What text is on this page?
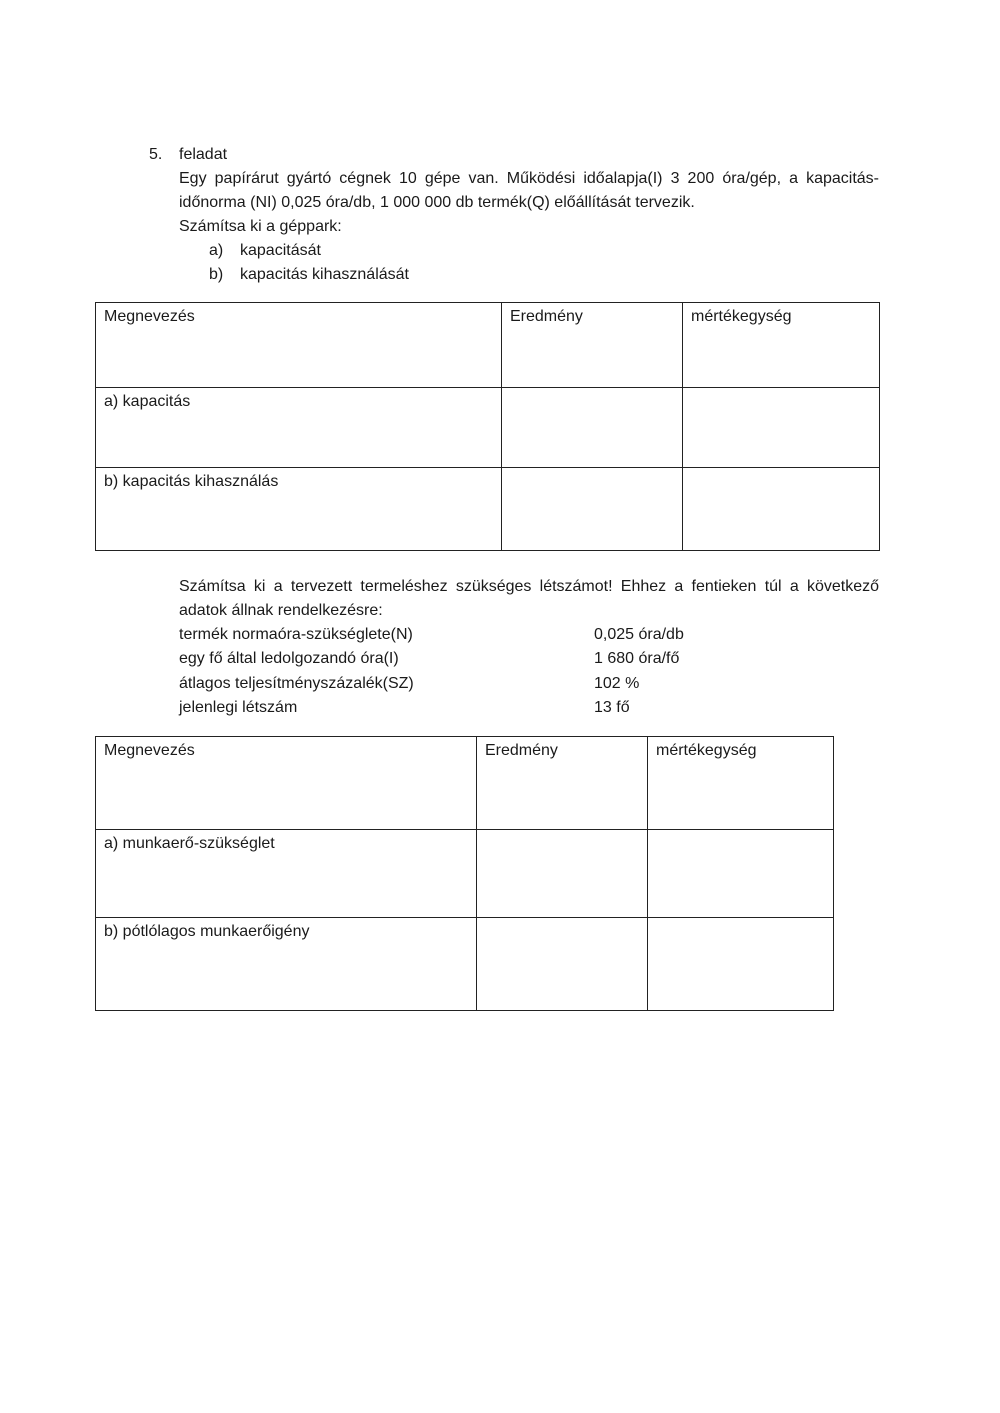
5. feladat
Egy papírárut gyártó cégnek 10 gépe van. Működési időalapja(I) 3 200 óra/gép, a kapacitás-
időnorma (NI) 0,025 óra/db, 1 000 000 db termék(Q) előállítását tervezik.
Számítsa ki a géppark:
a) kapacitását
b) kapacitás kihasználását
Megnevezés	Eredmény	mértékegység
a) kapacitás		
b) kapacitás kihasználás		
Számítsa ki a tervezett termeléshez szükséges létszámot! Ehhez a fentieken túl a következő
adatok állnak rendelkezésre:
termék normaóra-szükséglete(N)	0,025 óra/db
egy fő által ledolgozandó óra(I)	1 680 óra/fő
átlagos teljesítményszázalék(SZ)	102 %
jelenlegi létszám	13 fő
Megnevezés	Eredmény	mértékegység
a) munkaerő-szükséglet		
b) pótlólagos munkaerőigény		
